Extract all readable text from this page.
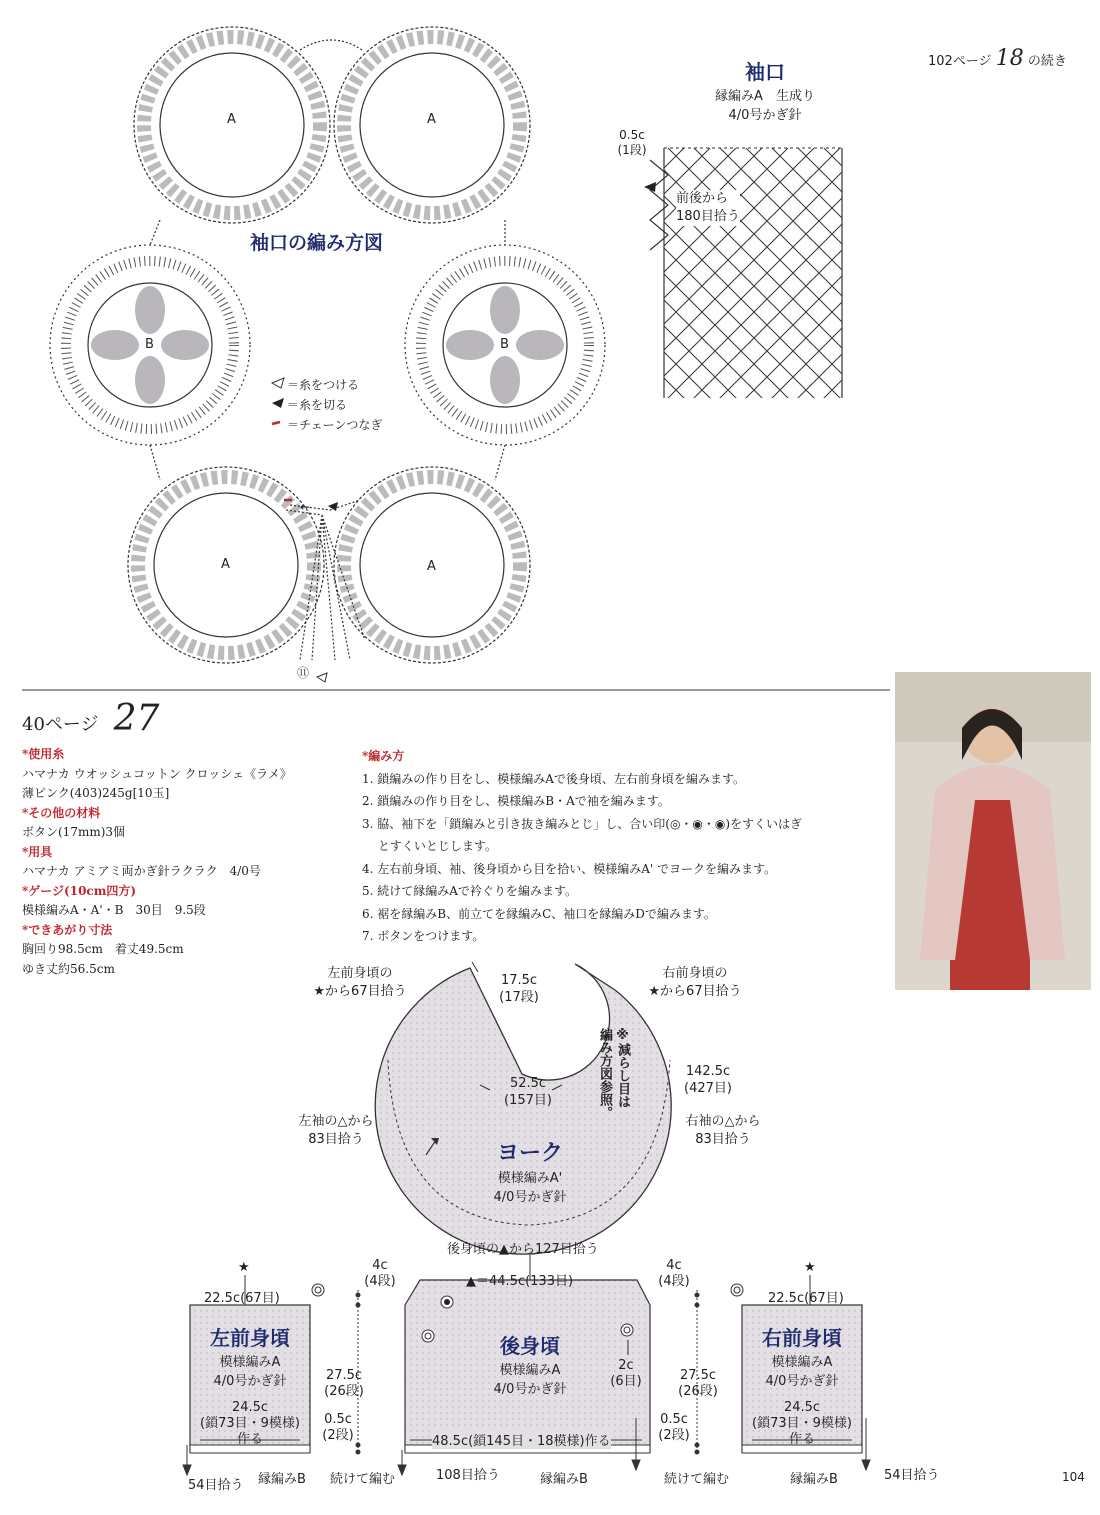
102ページ 18 の続き
A	A
B	B
A	A
袖口の編み方図
＝糸をつける
＝糸を切る
＝チェーンつなぎ
⑪
←
袖口
縁編みA　生成り
4/0号かぎ針
0.5c
(1段)
前後から
180目拾う
40ページ 27

*使用糸

ハマナカ ウオッシュコットン クロッシェ《ラメ》

薄ピンク(403)245g[10玉]

*その他の材料

ボタン(17mm)3個

*用具

ハマナカ アミアミ両かぎ針ラクラク　4/0号

*ゲージ(10cm四方)

模様編みA・A'・B　30目　9.5段

*できあがり寸法

胸回り98.5cm　着丈49.5cm

ゆき丈約56.5cm

*編み方

1. 鎖編みの作り目をし、模様編みAで後身頃、左右前身頃を編みます。

2. 鎖編みの作り目をし、模様編みB・Aで袖を編みます。

3. 脇、袖下を「鎖編みと引き抜き編みとじ」し、合い印(◎・◉・◉)をすくいはぎ

　 とすくいとじします。

4. 左右前身頃、袖、後身頃から目を拾い、模様編みA' でヨークを編みます。

5. 続けて縁編みAで衿ぐりを編みます。

6. 裾を縁編みB、前立てを縁編みC、袖口を縁編みDで編みます。

7. ボタンをつけます。

左前身頃の
★から67目拾う
右前身頃の
★から67目拾う
17.5c
(17段)
52.5c
(157目)
142.5c
(427目)
左袖の△から
83目拾う
右袖の△から
83目拾う
※減らし目は
編み方図参照。
ヨーク
模様編みA'
4/0号かぎ針
後身頃の▲から127目拾う
★
22.5c(67目)
左前身頃
模様編みA
4/0号かぎ針
24.5c
(鎖73目・9模様)
作る
54目拾う 縁編みB
4c
(4段)
27.5c
(26段)
0.5c
(2段)
続けて編む
▲＝44.5c(133目)
後身頃
模様編みA
4/0号かぎ針
2c
(6目)
48.5c(鎖145目・18模様)作る
108目拾う	縁編みB
4c
(4段)
27.5c
(26段)
0.5c
(2段)
続けて編む
★
22.5c(67目)
右前身頃
模様編みA
4/0号かぎ針
24.5c
(鎖73目・9模様)
作る
縁編みB	54目拾う	104
